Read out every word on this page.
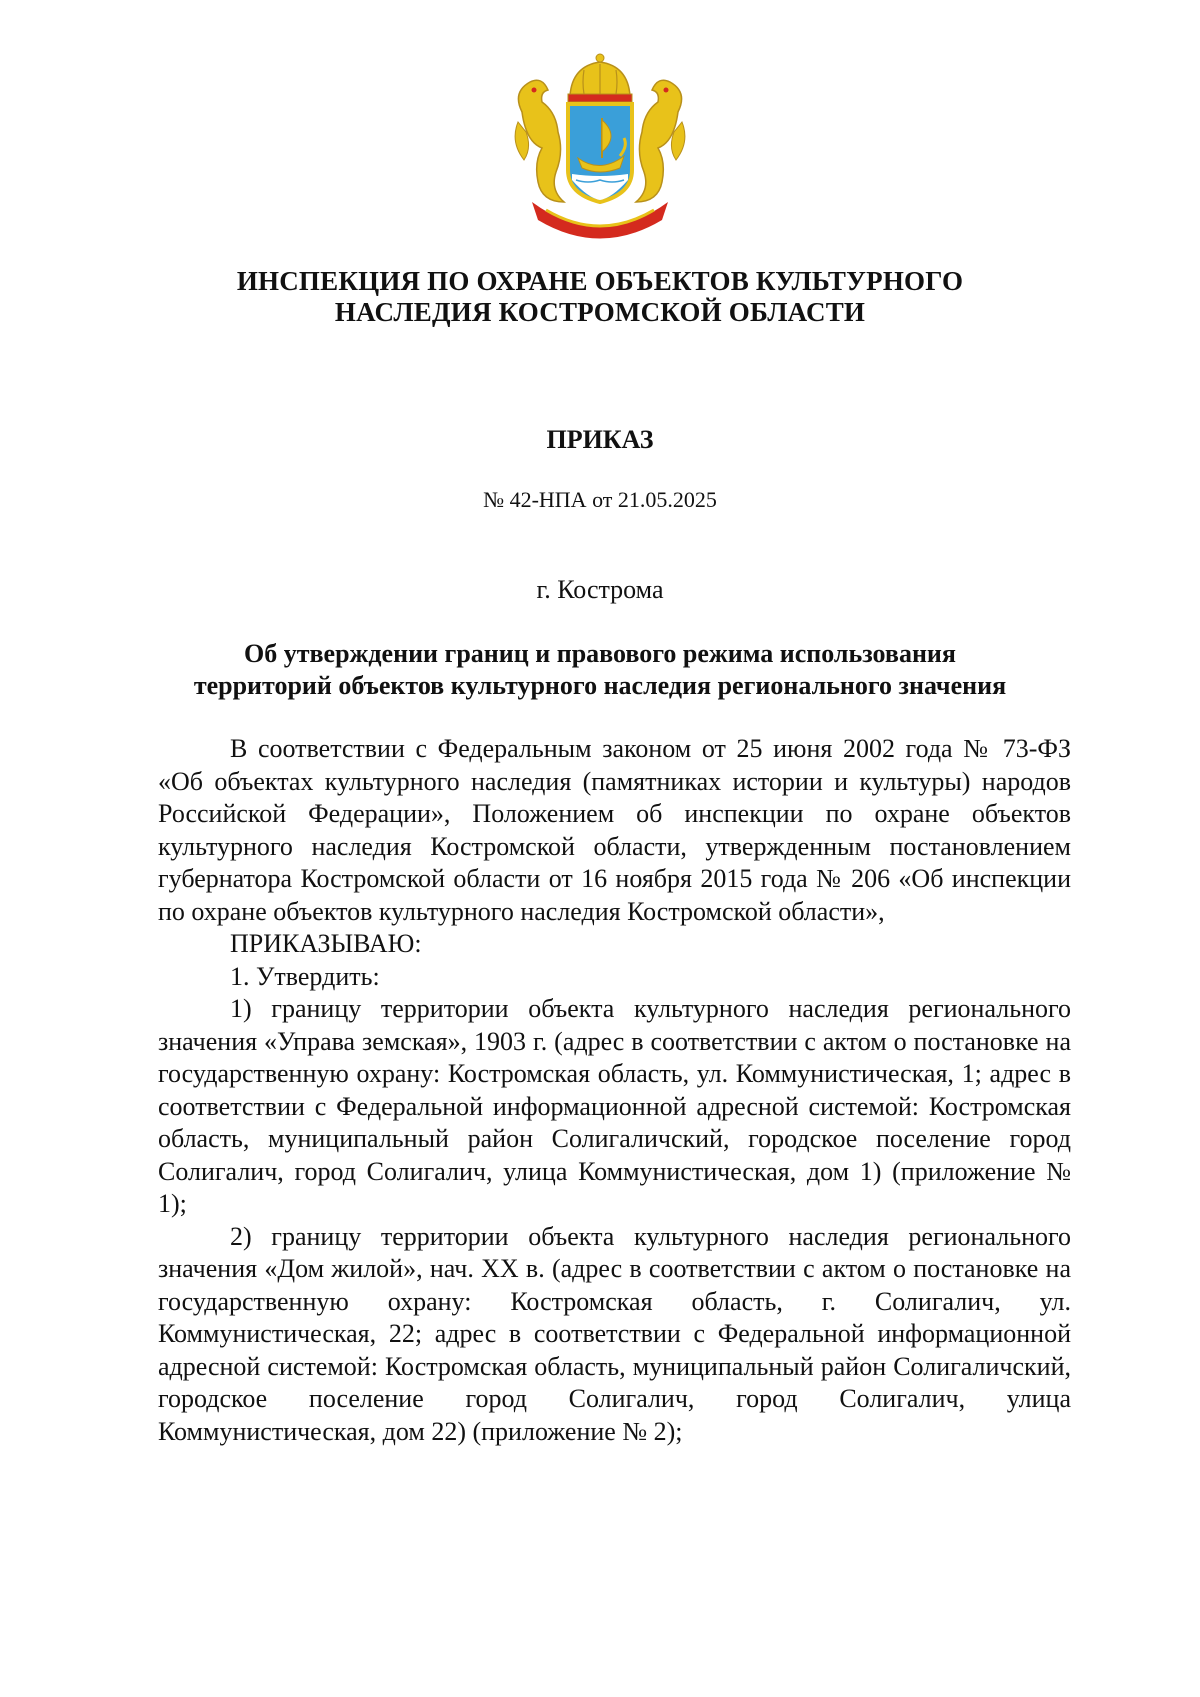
ИНСПЕКЦИЯ ПО ОХРАНЕ ОБЪЕКТОВ КУЛЬТУРНОГО
НАСЛЕДИЯ КОСТРОМСКОЙ ОБЛАСТИ
ПРИКАЗ
№ 42-НПА от 21.05.2025
г. Кострома
Об утверждении границ и правового режима использования
территорий объектов культурного наследия регионального значения

В соответствии с Федеральным законом от 25 июня 2002 года № 73-ФЗ «Об объектах культурного наследия (памятниках истории и культуры) народов Российской Федерации», Положением об инспекции по охране объектов культурного наследия Костромской области, утвержденным постановлением губернатора Костромской области от 16 ноября 2015 года № 206 «Об инспекции по охране объектов культурного наследия Костромской области»,

ПРИКАЗЫВАЮ:

1. Утвердить:

1) границу территории объекта культурного наследия регионального значения «Управа земская», 1903 г. (адрес в соответствии с актом о постановке на государственную охрану: Костромская область, ул. Коммунистическая, 1; адрес в соответствии с Федеральной информационной адресной системой: Костромская область, муниципальный район Солигаличский, городское поселение город Солигалич, город Солигалич, улица Коммунистическая, дом 1) (приложение № 1);

2) границу территории объекта культурного наследия регионального значения «Дом жилой», нач. XX в. (адрес в соответствии с актом о постановке на государственную охрану: Костромская область, г. Солигалич, ул. Коммунистическая, 22; адрес в соответствии с Федеральной информационной адресной системой: Костромская область, муниципальный район Солигаличский, городское поселение город Солигалич, город Солигалич, улица Коммунистическая, дом 22) (приложение № 2);
